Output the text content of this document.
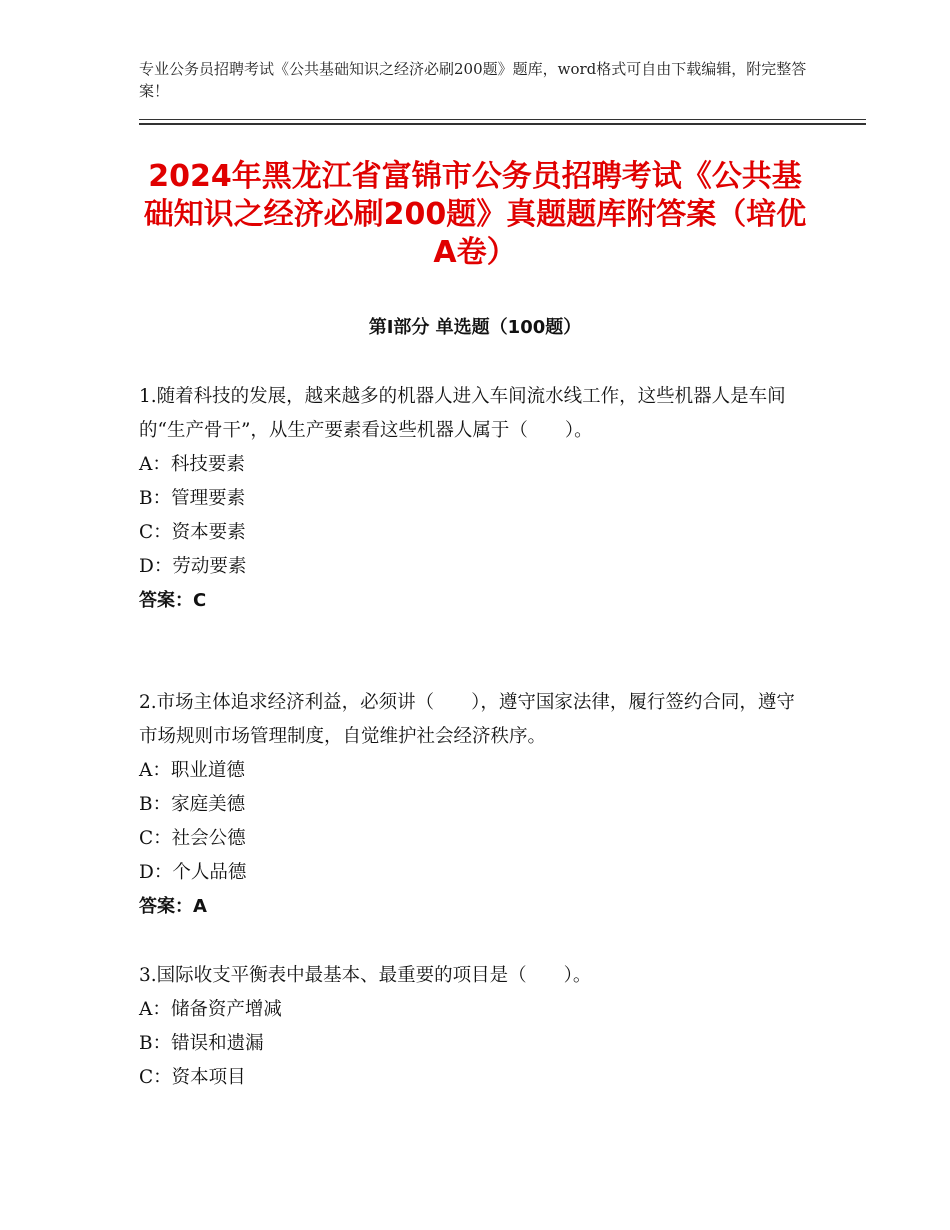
专业公务员招聘考试《公共基础知识之经济必刷200题》题库，word格式可自由下载编辑，附完整答案！
2024年黑龙江省富锦市公务员招聘考试《公共基础知识之经济必刷200题》真题题库附答案（培优A卷）
第Ⅰ部分 单选题（100题）

1.随着科技的发展，越来越多的机器人进入车间流水线工作，这些机器人是车间的“生产骨干”，从生产要素看这些机器人属于（　　）。

A：科技要素

B：管理要素

C：资本要素

D：劳动要素

答案：C

2.市场主体追求经济利益，必须讲（　　），遵守国家法律，履行签约合同，遵守市场规则市场管理制度，自觉维护社会经济秩序。

A：职业道德

B：家庭美德

C：社会公德

D：个人品德

答案：A

3.国际收支平衡表中最基本、最重要的项目是（　　）。

A：储备资产增减

B：错误和遗漏

C：资本项目
